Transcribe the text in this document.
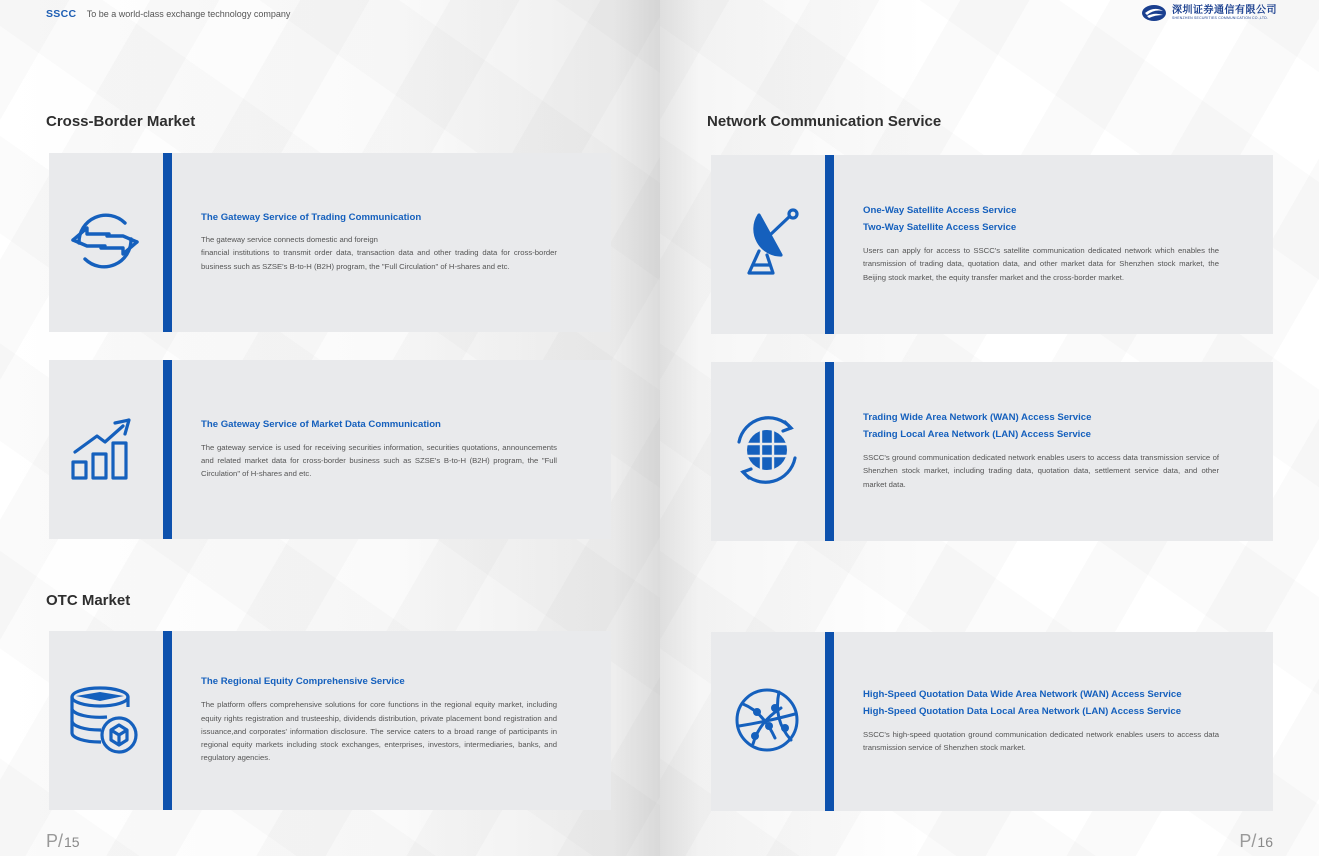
SSCC To be a world-class exchange technology company
Cross-Border Market
The Gateway Service of Trading Communication

The gateway service connects domestic and foreign
financial institutions to transmit order data, transaction data and other trading data for cross-border business such as SZSE's B-to-H (B2H) program, the "Full Circulation" of H-shares and etc.

The Gateway Service of Market Data Communication

The gateway service is used for receiving securities information, securities quotations, announcements and related market data for cross-border business such as SZSE's B-to-H (B2H) program, the "Full Circulation" of H-shares and etc.

OTC Market
The Regional Equity Comprehensive Service

The platform offers comprehensive solutions for core functions in the regional equity market, including equity rights registration and trusteeship, dividends distribution, private placement bond registration and issuance,and corporates' information disclosure. The service caters to a broad range of participants in regional equity markets including stock exchanges, enterprises, investors, intermediaries, banks, and regulatory agencies.

P/15
深圳证券通信有限公司
SHENZHEN SECURITIES COMMUNICATION CO.,LTD.
Network Communication Service
One-Way Satellite Access Service
Two-Way Satellite Access Service

Users can apply for access to SSCC's satellite communication dedicated network which enables the transmission of trading data, quotation data, and other market data for Shenzhen stock market, the Beijing stock market, the equity transfer market and the cross-border market.

Trading Wide Area Network (WAN) Access Service
Trading Local Area Network (LAN) Access Service

SSCC's ground communication dedicated network enables users to access data transmission service of Shenzhen stock market, including trading data, quotation data, settlement service data, and other market data.

High-Speed Quotation Data Wide Area Network (WAN) Access Service
High-Speed Quotation Data Local Area Network (LAN) Access Service

SSCC's high-speed quotation ground communication dedicated network enables users to access data transmission service of Shenzhen stock market.

P/16
